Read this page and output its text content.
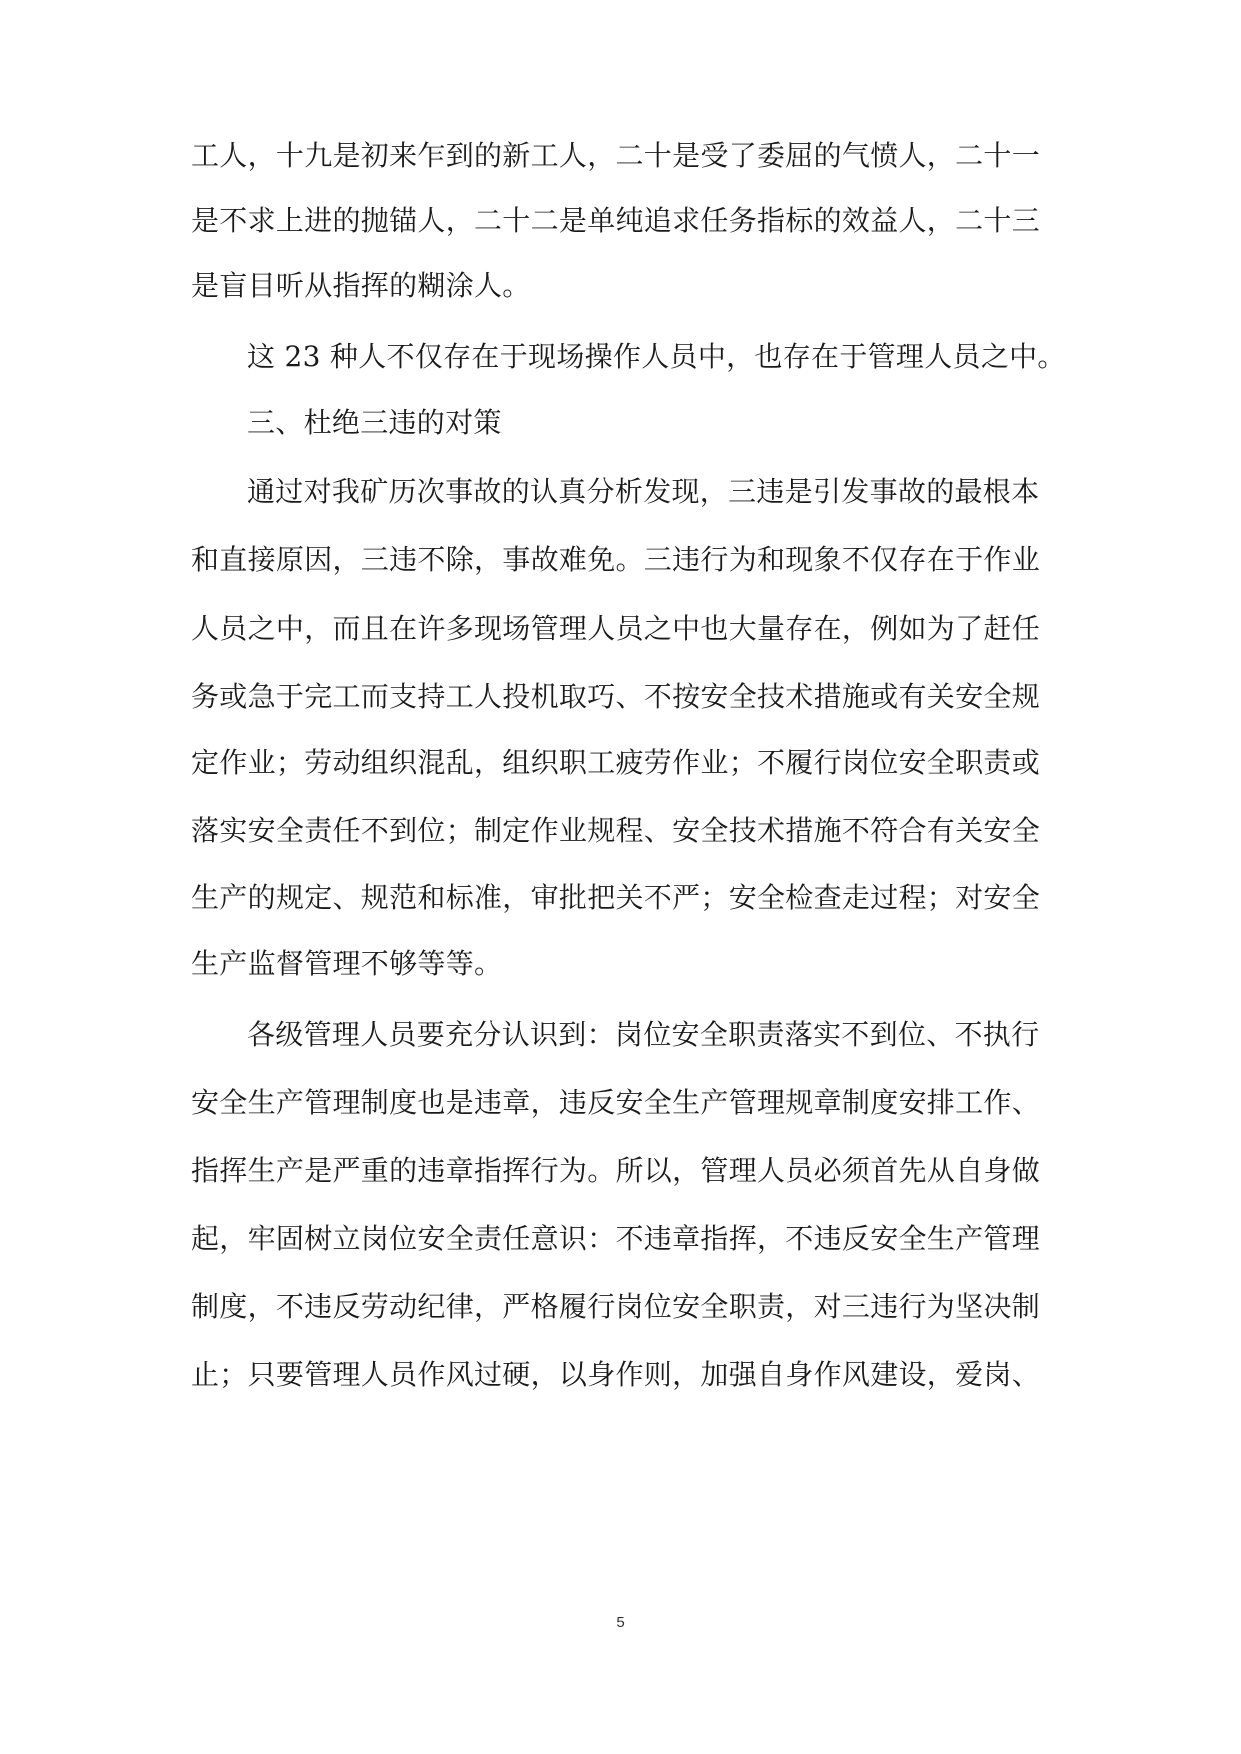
工人，十九是初来乍到的新工人，二十是受了委屈的气愤人，二十一
是不求上进的抛锚人，二十二是单纯追求任务指标的效益人，二十三
是盲目听从指挥的糊涂人。
这 23 种人不仅存在于现场操作人员中，也存在于管理人员之中。
三、杜绝三违的对策
通过对我矿历次事故的认真分析发现，三违是引发事故的最根本
和直接原因，三违不除，事故难免。三违行为和现象不仅存在于作业
人员之中，而且在许多现场管理人员之中也大量存在，例如为了赶任
务或急于完工而支持工人投机取巧、不按安全技术措施或有关安全规
定作业；劳动组织混乱，组织职工疲劳作业；不履行岗位安全职责或
落实安全责任不到位；制定作业规程、安全技术措施不符合有关安全
生产的规定、规范和标准，审批把关不严；安全检查走过程；对安全
生产监督管理不够等等。
各级管理人员要充分认识到：岗位安全职责落实不到位、不执行
安全生产管理制度也是违章，违反安全生产管理规章制度安排工作、
指挥生产是严重的违章指挥行为。所以，管理人员必须首先从自身做
起，牢固树立岗位安全责任意识：不违章指挥，不违反安全生产管理
制度，不违反劳动纪律，严格履行岗位安全职责，对三违行为坚决制
止；只要管理人员作风过硬，以身作则，加强自身作风建设，爱岗、
5
